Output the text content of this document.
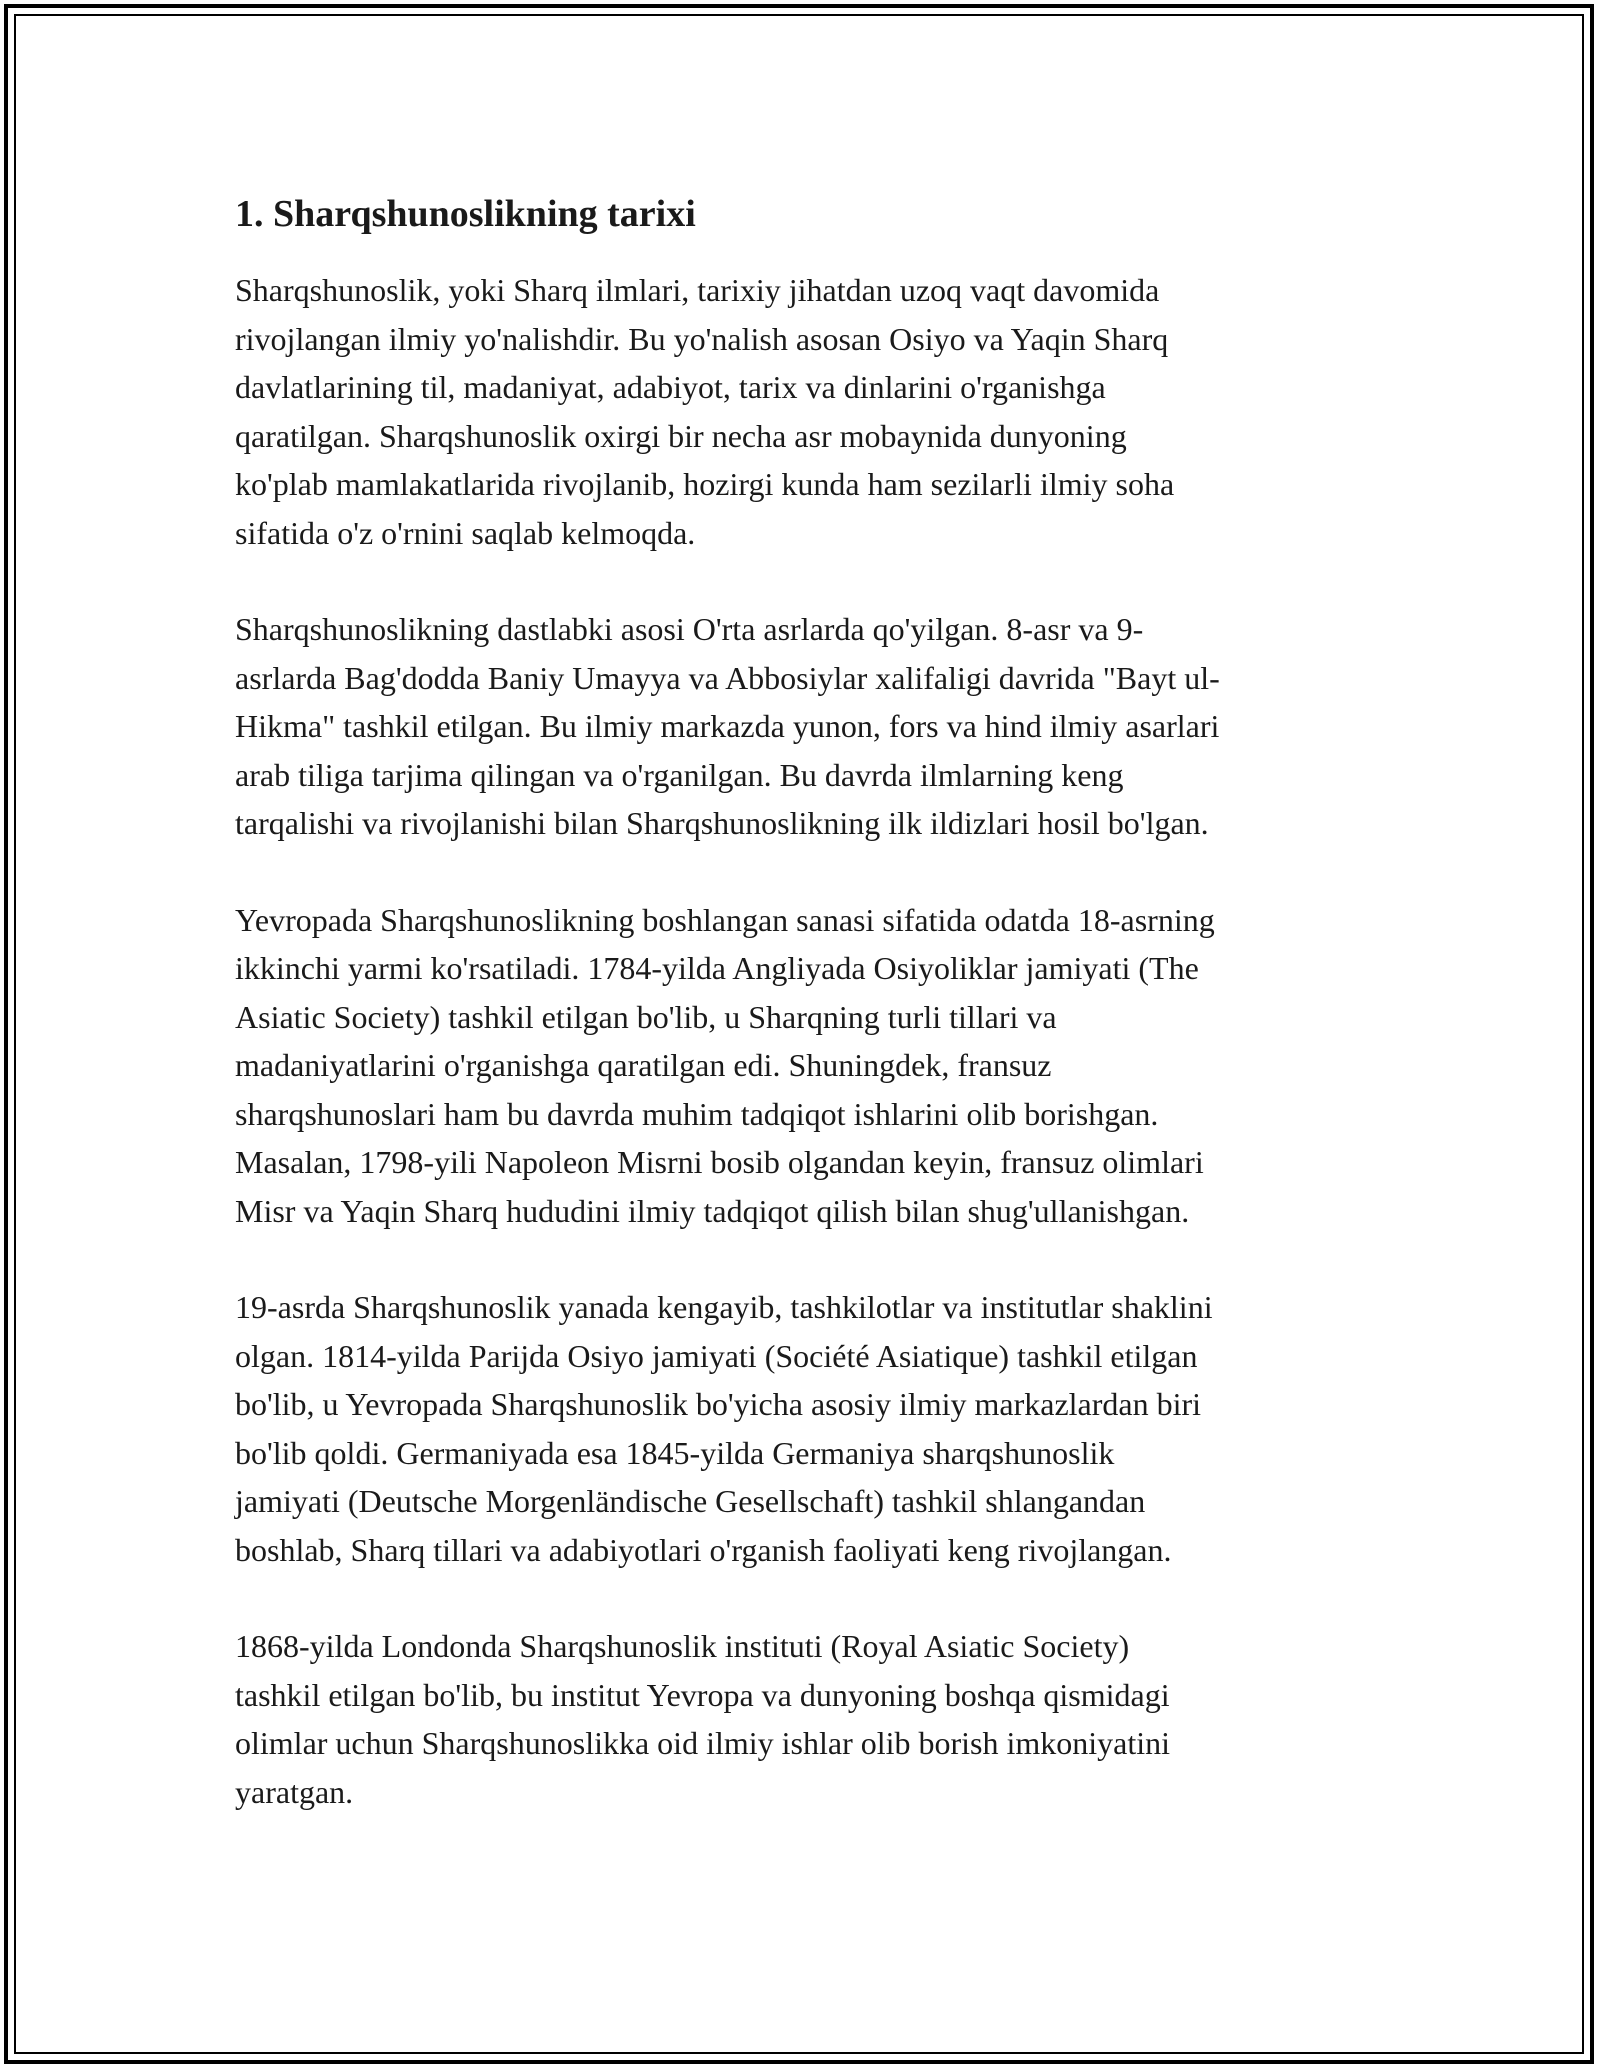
1. Sharqshunoslikning tarixi

Sharqshunoslik, yoki Sharq ilmlari, tarixiy jihatdan uzoq vaqt davomida
rivojlangan ilmiy yo'nalishdir. Bu yo'nalish asosan Osiyo va Yaqin Sharq
davlatlarining til, madaniyat, adabiyot, tarix va dinlarini o'rganishga
qaratilgan. Sharqshunoslik oxirgi bir necha asr mobaynida dunyoning
ko'plab mamlakatlarida rivojlanib, hozirgi kunda ham sezilarli ilmiy soha
sifatida o'z o'rnini saqlab kelmoqda.

Sharqshunoslikning dastlabki asosi O'rta asrlarda qo'yilgan. 8-asr va 9-
asrlarda Bag'dodda Baniy Umayya va Abbosiylar xalifaligi davrida "Bayt ul-
Hikma" tashkil etilgan. Bu ilmiy markazda yunon, fors va hind ilmiy asarlari
arab tiliga tarjima qilingan va o'rganilgan. Bu davrda ilmlarning keng
tarqalishi va rivojlanishi bilan Sharqshunoslikning ilk ildizlari hosil bo'lgan.

Yevropada Sharqshunoslikning boshlangan sanasi sifatida odatda 18-asrning
ikkinchi yarmi ko'rsatiladi. 1784-yilda Angliyada Osiyoliklar jamiyati (The
Asiatic Society) tashkil etilgan bo'lib, u Sharqning turli tillari va
madaniyatlarini o'rganishga qaratilgan edi. Shuningdek, fransuz
sharqshunoslari ham bu davrda muhim tadqiqot ishlarini olib borishgan.
Masalan, 1798-yili Napoleon Misrni bosib olgandan keyin, fransuz olimlari
Misr va Yaqin Sharq hududini ilmiy tadqiqot qilish bilan shug'ullanishgan.

19-asrda Sharqshunoslik yanada kengayib, tashkilotlar va institutlar shaklini
olgan. 1814-yilda Parijda Osiyo jamiyati (Société Asiatique) tashkil etilgan
bo'lib, u Yevropada Sharqshunoslik bo'yicha asosiy ilmiy markazlardan biri
bo'lib qoldi. Germaniyada esa 1845-yilda Germaniya sharqshunoslik
jamiyati (Deutsche Morgenländische Gesellschaft) tashkil shlangandan
boshlab, Sharq tillari va adabiyotlari o'rganish faoliyati keng rivojlangan.

1868-yilda Londonda Sharqshunoslik instituti (Royal Asiatic Society)
tashkil etilgan bo'lib, bu institut Yevropa va dunyoning boshqa qismidagi
olimlar uchun Sharqshunoslikka oid ilmiy ishlar olib borish imkoniyatini
yaratgan.
